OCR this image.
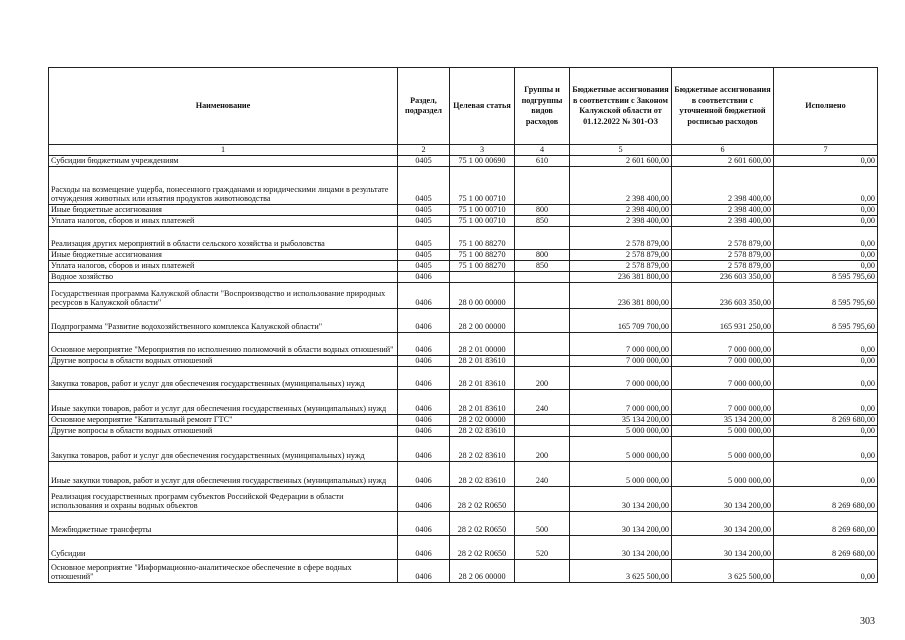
Наименование	Раздел, подраздел	Целевая статья	Группы и подгруппы видов расходов	Бюджетные ассигнования в соответствии с Законом Калужской области от 01.12.2022 № 301-ОЗ	Бюджетные ассигнования в соответствии с уточненной бюджетной росписью расходов	Исполнено
1	2	3	4	5	6	7
Субсидии бюджетным учреждениям	0405	75 1 00 00690	610	2 601 600,00	2 601 600,00	0,00
Расходы на возмещение ущерба, понесенного гражданами и юридическими лицами в результате отчуждения животных или изъятия продуктов животноводства	0405	75 1 00 00710		2 398 400,00	2 398 400,00	0,00
Иные бюджетные ассигнования	0405	75 1 00 00710	800	2 398 400,00	2 398 400,00	0,00
Уплата налогов, сборов и иных платежей	0405	75 1 00 00710	850	2 398 400,00	2 398 400,00	0,00
Реализация других мероприятий в области сельского хозяйства и рыболовства	0405	75 1 00 88270		2 578 879,00	2 578 879,00	0,00
Иные бюджетные ассигнования	0405	75 1 00 88270	800	2 578 879,00	2 578 879,00	0,00
Уплата налогов, сборов и иных платежей	0405	75 1 00 88270	850	2 578 879,00	2 578 879,00	0,00
Водное хозяйство	0406			236 381 800,00	236 603 350,00	8 595 795,60
Государственная программа Калужской области "Воспроизводство и использование природных ресурсов в Калужской области"	0406	28 0 00 00000		236 381 800,00	236 603 350,00	8 595 795,60
Подпрограмма "Развитие водохозяйственного комплекса Калужской области"	0406	28 2 00 00000		165 709 700,00	165 931 250,00	8 595 795,60
Основное мероприятие "Мероприятия по исполнению полномочий в области водных отношений"	0406	28 2 01 00000		7 000 000,00	7 000 000,00	0,00
Другие вопросы в области водных отношений	0406	28 2 01 83610		7 000 000,00	7 000 000,00	0,00
Закупка товаров, работ и услуг для обеспечения государственных (муниципальных) нужд	0406	28 2 01 83610	200	7 000 000,00	7 000 000,00	0,00
Иные закупки товаров, работ и услуг для обеспечения государственных (муниципальных) нужд	0406	28 2 01 83610	240	7 000 000,00	7 000 000,00	0,00
Основное мероприятие "Капитальный ремонт ГТС"	0406	28 2 02 00000		35 134 200,00	35 134 200,00	8 269 680,00
Другие вопросы в области водных отношений	0406	28 2 02 83610		5 000 000,00	5 000 000,00	0,00
Закупка товаров, работ и услуг для обеспечения государственных (муниципальных) нужд	0406	28 2 02 83610	200	5 000 000,00	5 000 000,00	0,00
Иные закупки товаров, работ и услуг для обеспечения государственных (муниципальных) нужд	0406	28 2 02 83610	240	5 000 000,00	5 000 000,00	0,00
Реализация государственных программ субъектов Российской Федерации в области использования и охраны водных объектов	0406	28 2 02 R0650		30 134 200,00	30 134 200,00	8 269 680,00
Межбюджетные трансферты	0406	28 2 02 R0650	500	30 134 200,00	30 134 200,00	8 269 680,00
Субсидии	0406	28 2 02 R0650	520	30 134 200,00	30 134 200,00	8 269 680,00
Основное мероприятие "Информационно-аналитическое обеспечение в сфере водных отношений"	0406	28 2 06 00000		3 625 500,00	3 625 500,00	0,00
303
